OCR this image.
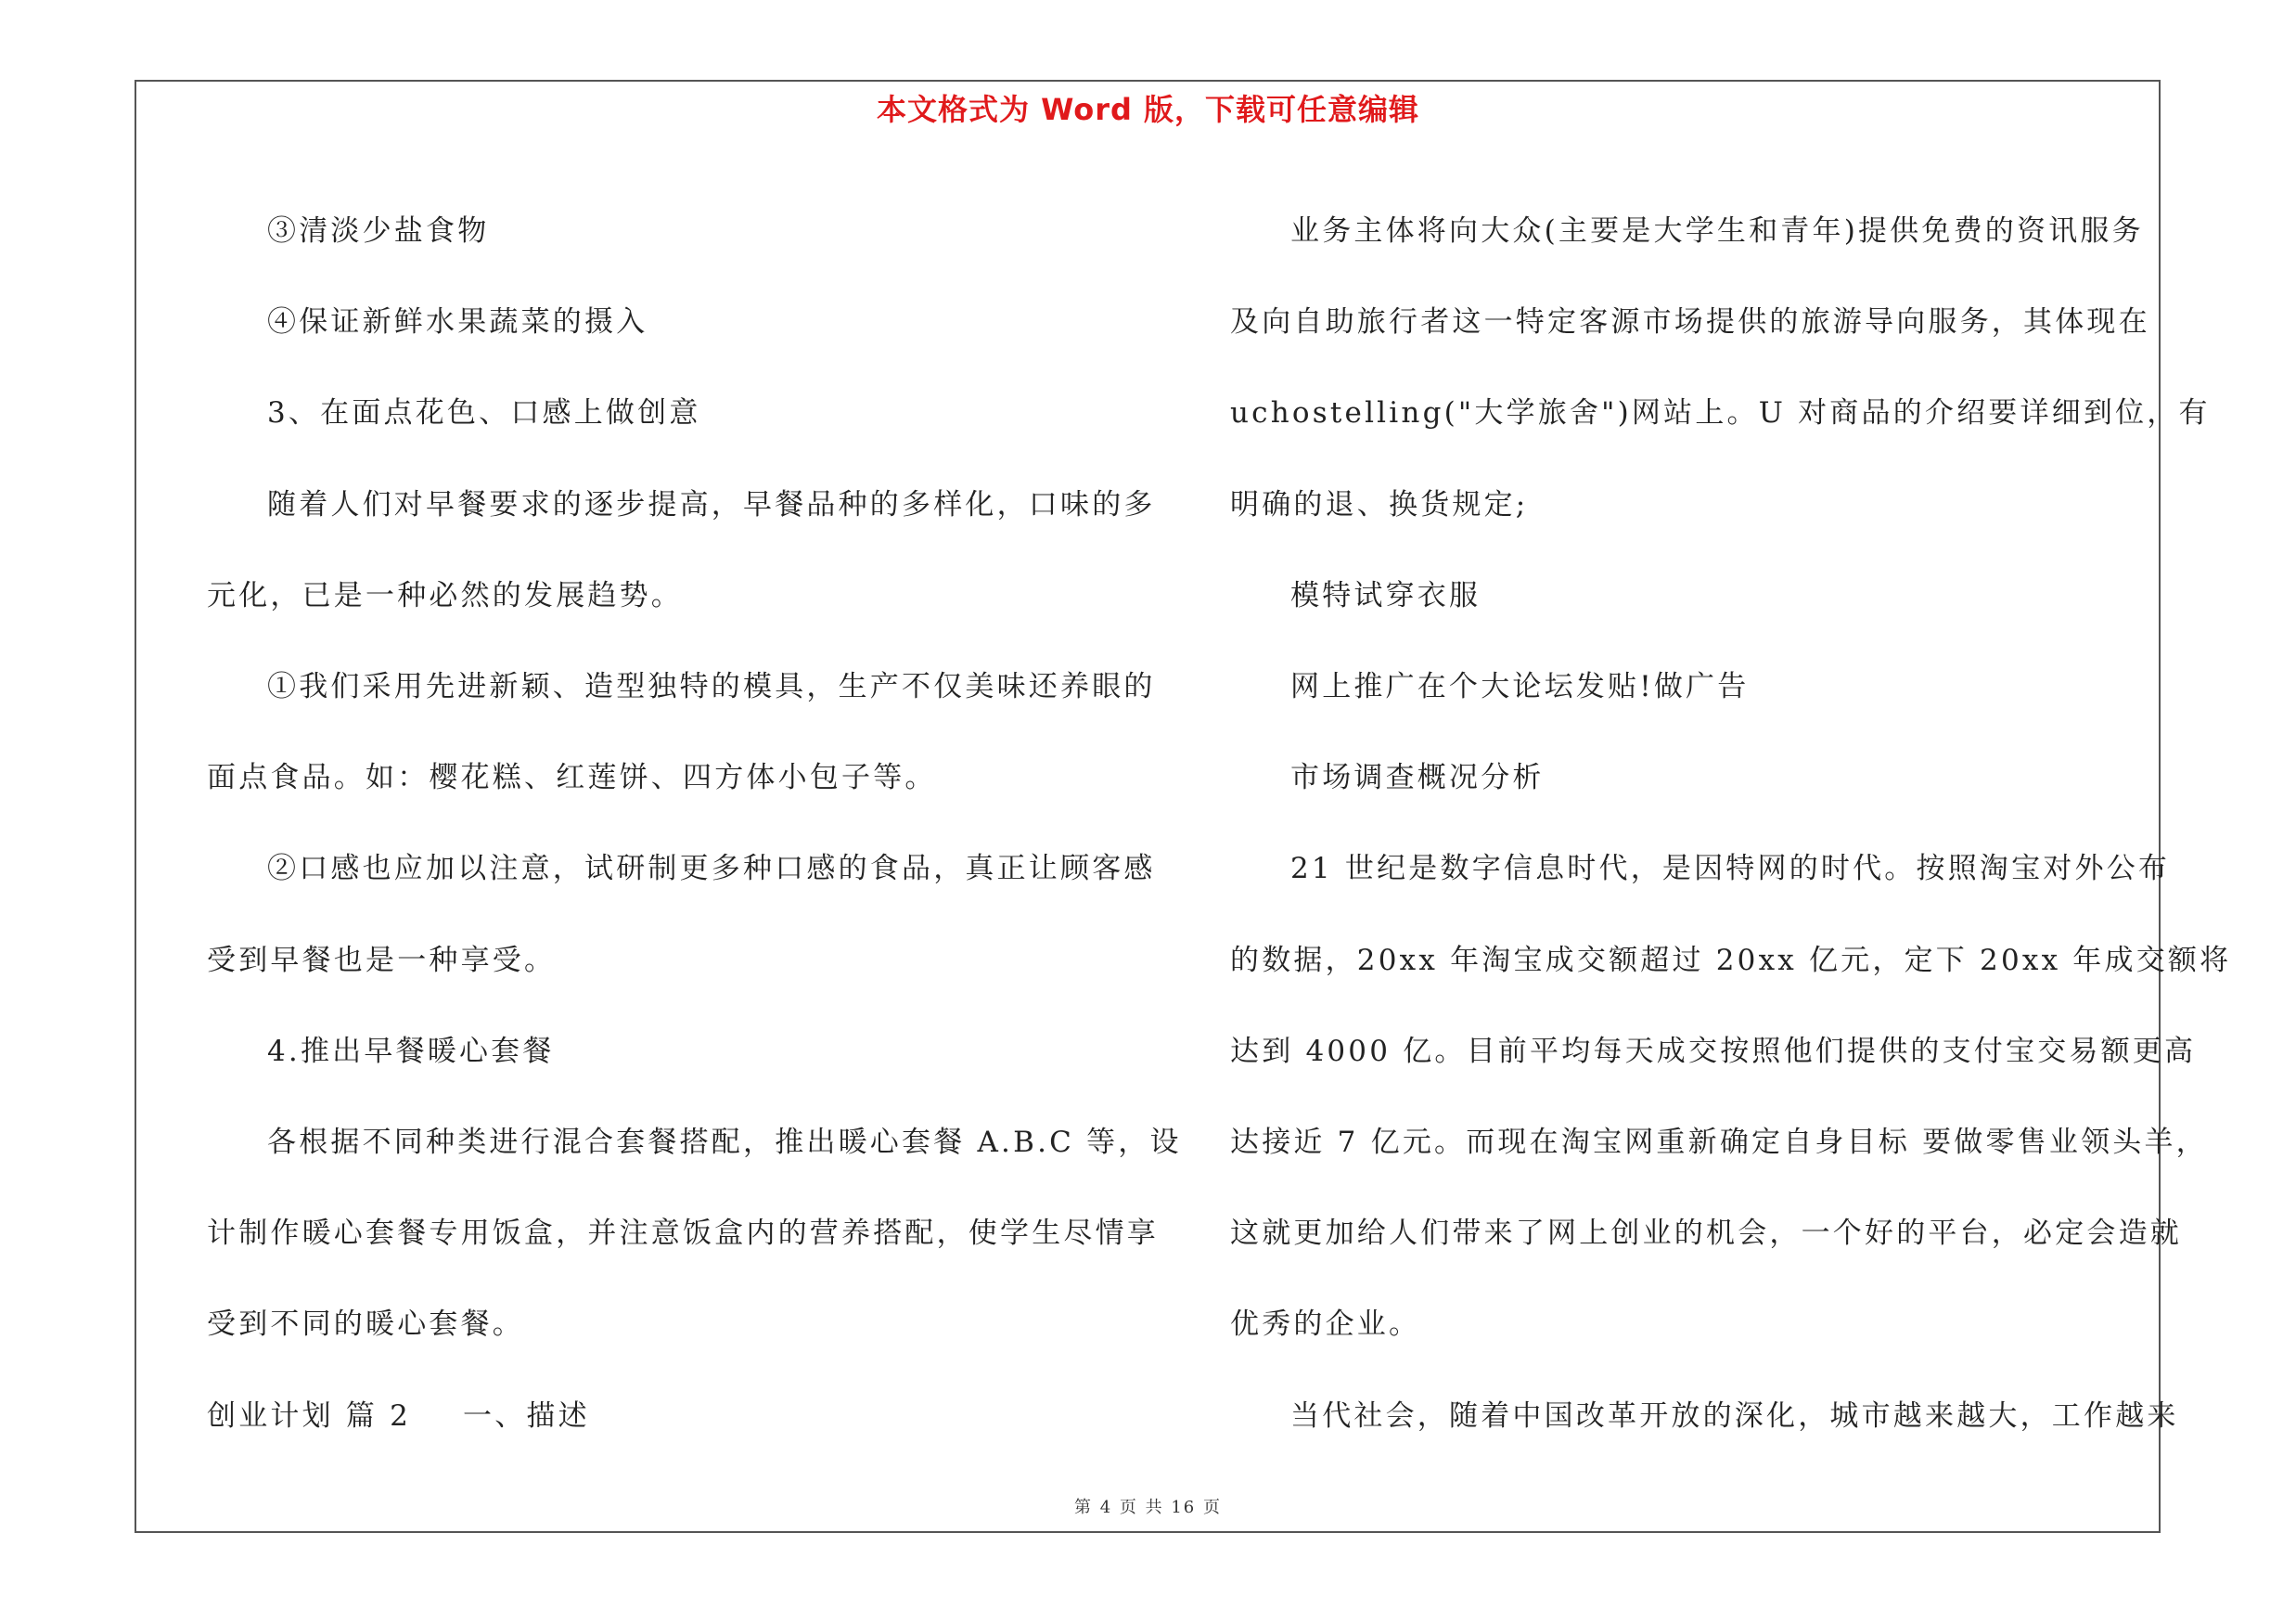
本文格式为 Word 版，下载可任意编辑

③清淡少盐食物

④保证新鲜水果蔬菜的摄入

3、在面点花色、口感上做创意

随着人们对早餐要求的逐步提高，早餐品种的多样化，口味的多

元化，已是一种必然的发展趋势。

①我们采用先进新颖、造型独特的模具，生产不仅美味还养眼的

面点食品。如：樱花糕、红莲饼、四方体小包子等。

②口感也应加以注意，试研制更多种口感的食品，真正让顾客感

受到早餐也是一种享受。

4.推出早餐暖心套餐

各根据不同种类进行混合套餐搭配，推出暖心套餐 A.B.C 等，设

计制作暖心套餐专用饭盒，并注意饭盒内的营养搭配，使学生尽情享

受到不同的暖心套餐。

创业计划 篇 2 一、描述

业务主体将向大众(主要是大学生和青年)提供免费的资讯服务

及向自助旅行者这一特定客源市场提供的旅游导向服务，其体现在

uchostelling("大学旅舍")网站上。U 对商品的介绍要详细到位，有

明确的退、换货规定;

模特试穿衣服

网上推广在个大论坛发贴!做广告

市场调查概况分析

21 世纪是数字信息时代，是因特网的时代。按照淘宝对外公布

的数据，20xx 年淘宝成交额超过 20xx 亿元，定下 20xx 年成交额将

达到 4000 亿。目前平均每天成交按照他们提供的支付宝交易额更高

达接近 7 亿元。而现在淘宝网重新确定自身目标 要做零售业领头羊，

这就更加给人们带来了网上创业的机会，一个好的平台，必定会造就

优秀的企业。

当代社会，随着中国改革开放的深化，城市越来越大，工作越来

第 4 页 共 16 页
